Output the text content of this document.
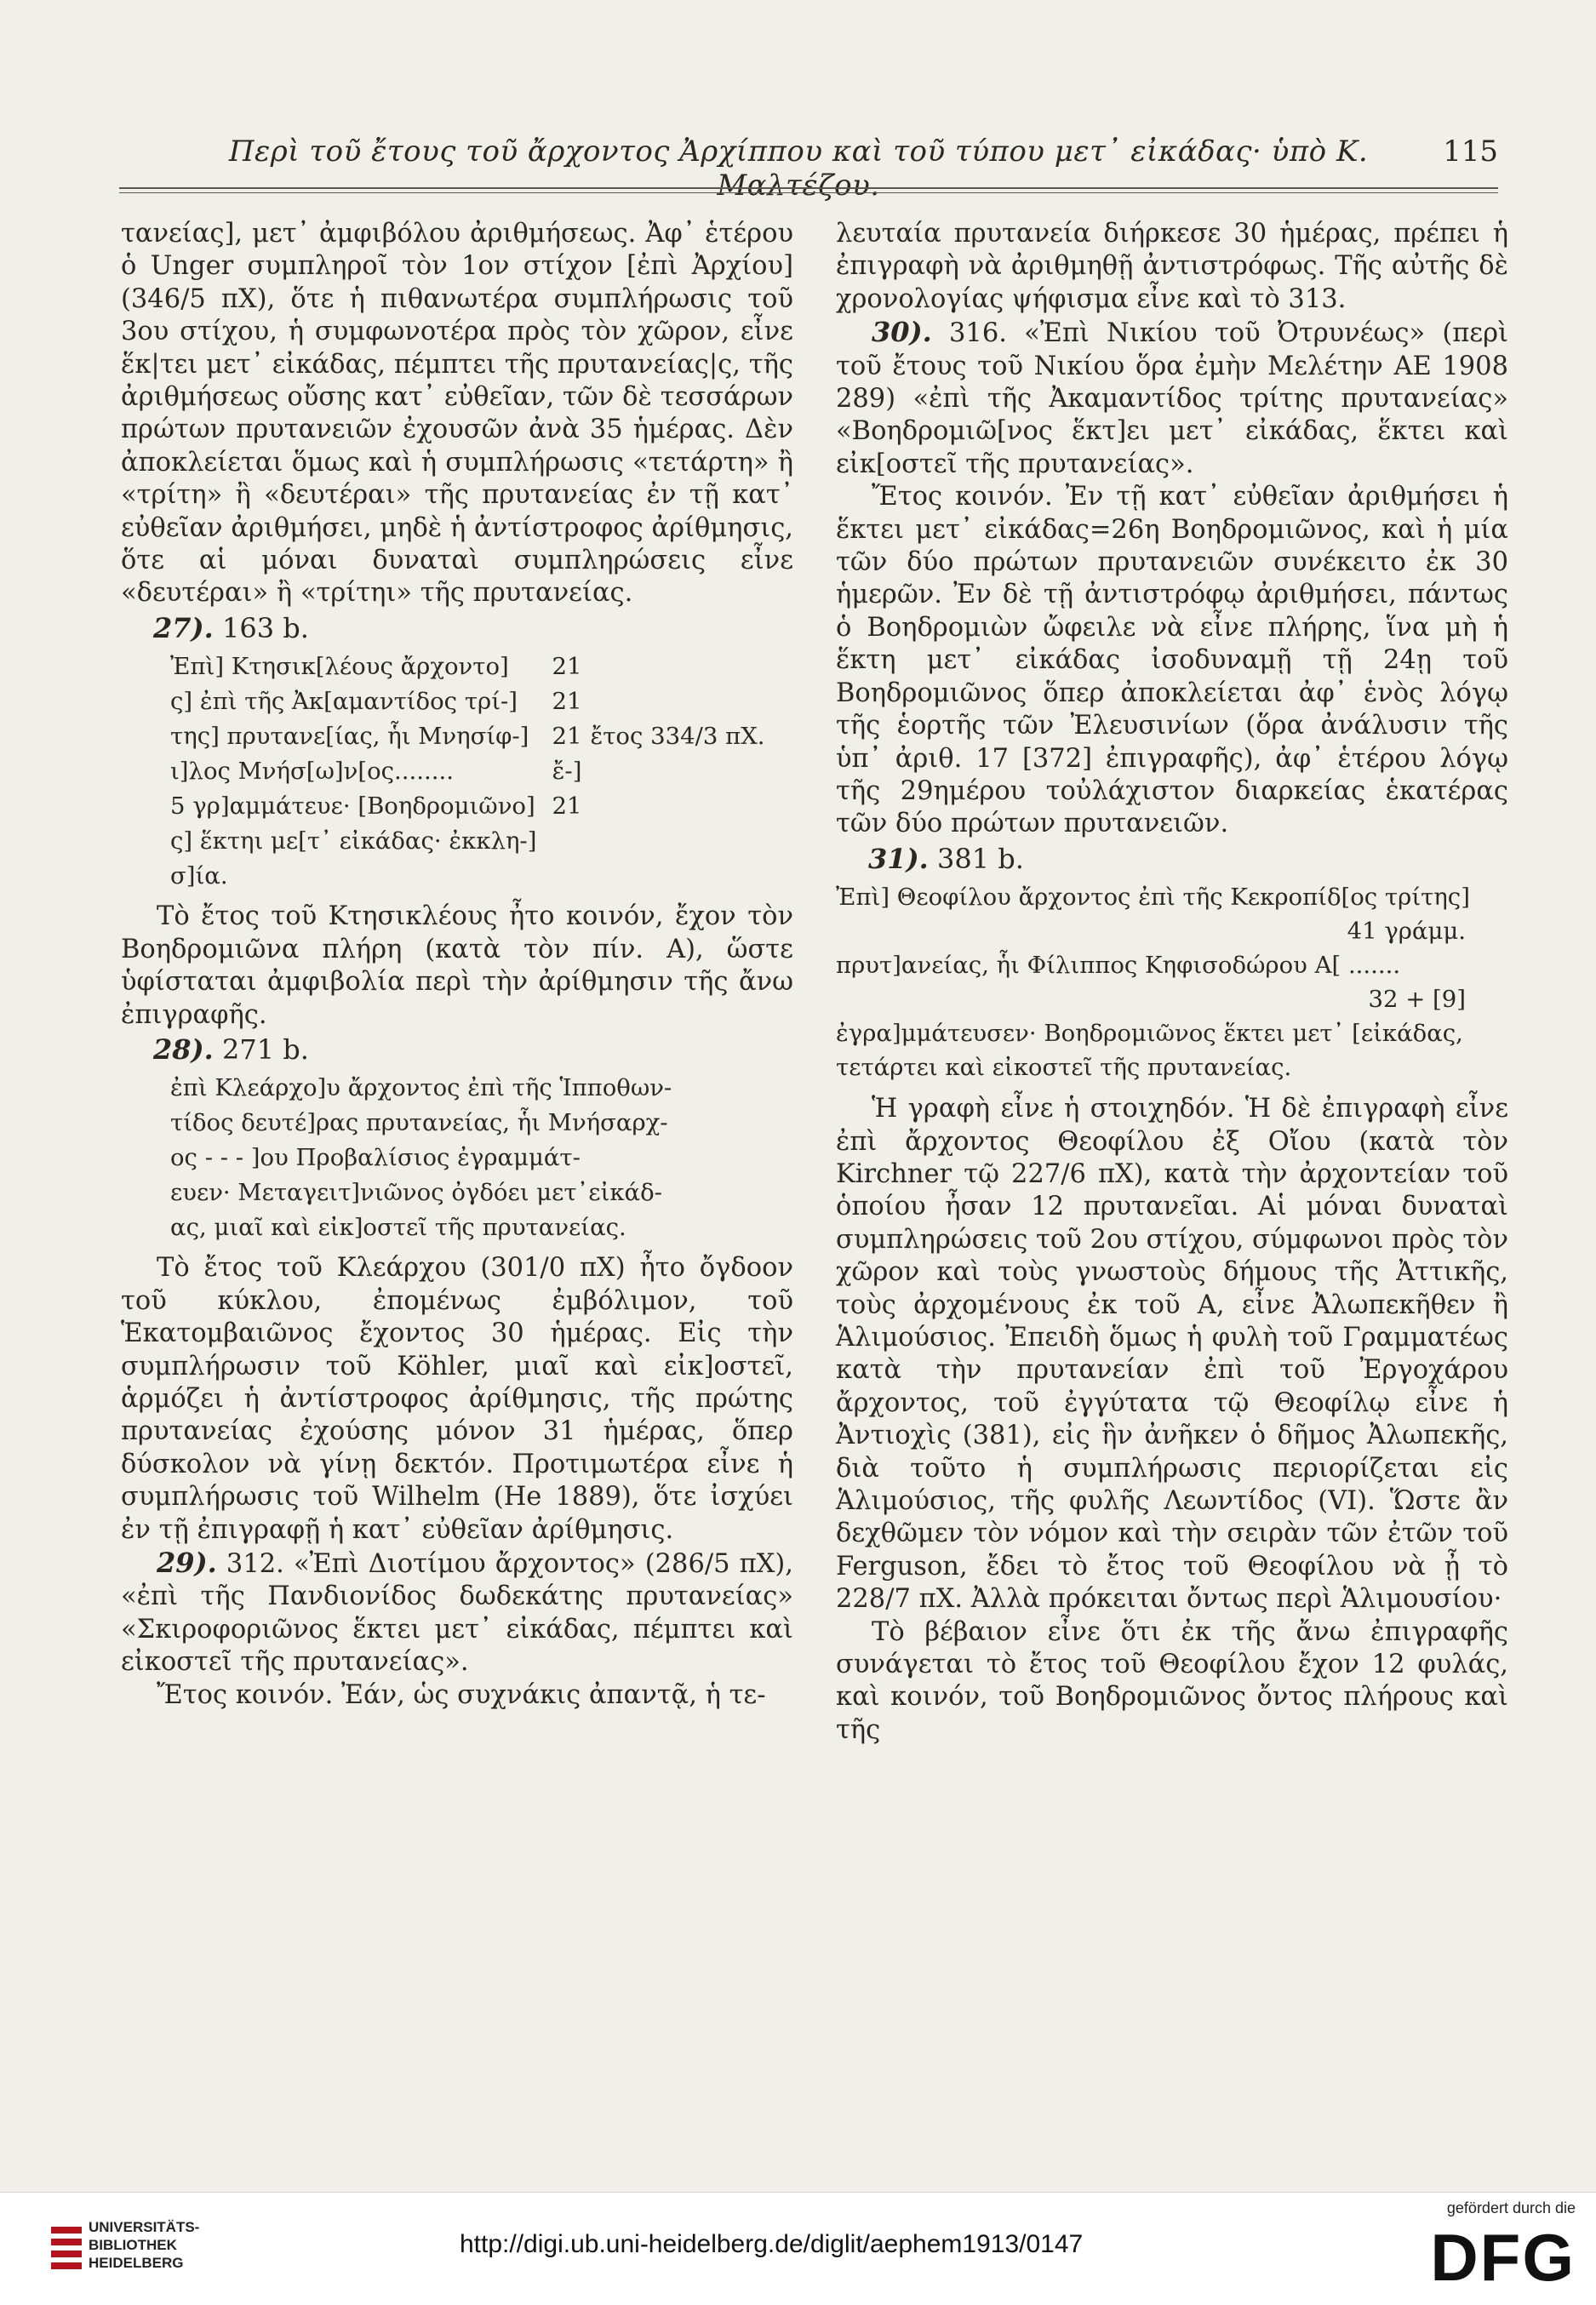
Περὶ τοῦ ἔτους τοῦ ἄρχοντος Ἀρχίππου καὶ τοῦ τύπου μετ᾽ εἰκάδας· ὑπὸ Κ. Μαλτέζου.
115

τανείας], μετ᾽ ἀμφιβόλου ἀριθμήσεως. Ἀφ᾽ ἑτέρου ὁ Unger συμπληροῖ τὸν 1ον στίχον [ἐπὶ Ἀρχίου] (346/5 πΧ), ὅτε ἡ πιθανωτέρα συμπλήρωσις τοῦ 3ου στίχου, ἡ συμφωνοτέρα πρὸς τὸν χῶρον, εἶνε ἕκ|τει μετ᾽ εἰκάδας, πέμπτει τῆς πρυτανείας|ς, τῆς ἀριθμήσεως οὔσης κατ᾽ εὐθεῖαν, τῶν δὲ τεσσάρων πρώτων πρυτανειῶν ἐχουσῶν ἀνὰ 35 ἡμέρας. Δὲν ἀποκλείεται ὅμως καὶ ἡ συμπλήρωσις «τετάρτη» ἢ «τρίτη» ἢ «δευτέραι» τῆς πρυτανείας ἐν τῇ κατ᾽ εὐθεῖαν ἀριθμήσει, μηδὲ ἡ ἀντίστροφος ἀρίθμησις, ὅτε αἱ μόναι δυναταὶ συμπληρώσεις εἶνε «δευτέραι» ἢ «τρίτηι» τῆς πρυτανείας.

27). 163 b.
Ἐπὶ] Κτησικ[λέους ἄρχοντο]	21	
ς] ἐπὶ τῆς Ἀκ[αμαντίδος τρί-]	21	
της] πρυτανε[ίας, ἧι Μνησίφ-]	21	ἔτος 334/3 πΧ.
ι]λος Μνήσ[ω]ν[ος........	ἔ-]	
5 γρ]αμμάτευε· [Βοηδρομιῶνο]	21	
ς] ἕκτηι με[τ᾽ εἰκάδας· ἐκκλη-]		
σ]ία.		

Τὸ ἔτος τοῦ Κτησικλέους ἦτο κοινόν, ἔχον τὸν Βοηδρομιῶνα πλήρη (κατὰ τὸν πίν. Α), ὥστε ὑφίσταται ἀμφιβολία περὶ τὴν ἀρίθμησιν τῆς ἄνω ἐπιγραφῆς.

28). 271 b.
ἐπὶ Κλεάρχο]υ ἄρχοντος ἐπὶ τῆς Ἱπποθων-
τίδος δευτέ]ρας πρυτανείας, ἧι Μνήσαρχ-
ος - - - ]ου Προβαλίσιος ἐγραμμάτ-
ευεν· Μεταγειτ]νιῶνος ὀγδόει μετ᾽εἰκάδ-
ας, μιαῖ καὶ εἰκ]οστεῖ τῆς πρυτανείας.

Τὸ ἔτος τοῦ Κλεάρχου (301/0 πΧ) ἦτο ὄγδοον τοῦ κύκλου, ἐπομένως ἐμβόλιμον, τοῦ Ἑκατομβαιῶνος ἔχοντος 30 ἡμέρας. Εἰς τὴν συμπλήρωσιν τοῦ Köhler, μιαῖ καὶ εἰκ]οστεῖ, ἁρμόζει ἡ ἀντίστροφος ἀρίθμησις, τῆς πρώτης πρυτανείας ἐχούσης μόνον 31 ἡμέρας, ὅπερ δύσκολον νὰ γίνῃ δεκτόν. Προτιμωτέρα εἶνε ἡ συμπλήρωσις τοῦ Wilhelm (He 1889), ὅτε ἰσχύει ἐν τῇ ἐπιγραφῇ ἡ κατ᾽ εὐθεῖαν ἀρίθμησις.

29). 312. «Ἐπὶ Διοτίμου ἄρχοντος» (286/5 πΧ), «ἐπὶ τῆς Πανδιονίδος δωδεκάτης πρυτανείας» «Σκιροφοριῶνος ἕκτει μετ᾽ εἰκάδας, πέμπτει καὶ εἰκοστεῖ τῆς πρυτανείας».

Ἔτος κοινόν. Ἐάν, ὡς συχνάκις ἀπαντᾷ, ἡ τε-

λευταία πρυτανεία διήρκεσε 30 ἡμέρας, πρέπει ἡ ἐπιγραφὴ νὰ ἀριθμηθῇ ἀντιστρόφως. Τῆς αὐτῆς δὲ χρονολογίας ψήφισμα εἶνε καὶ τὸ 313.

30). 316. «Ἐπὶ Νικίου τοῦ Ὀτρυνέως» (περὶ τοῦ ἔτους τοῦ Νικίου ὅρα ἐμὴν Μελέτην ΑΕ 1908 289) «ἐπὶ τῆς Ἀκαμαντίδος τρίτης πρυτανείας» «Βοηδρομιῶ[νος ἕκτ]ει μετ᾽ εἰκάδας, ἕκτει καὶ εἰκ[οστεῖ τῆς πρυτανείας».

Ἔτος κοινόν. Ἐν τῇ κατ᾽ εὐθεῖαν ἀριθμήσει ἡ ἕκτει μετ᾽ εἰκάδας=26η Βοηδρομιῶνος, καὶ ἡ μία τῶν δύο πρώτων πρυτανειῶν συνέκειτο ἐκ 30 ἡμερῶν. Ἐν δὲ τῇ ἀντιστρόφῳ ἀριθμήσει, πάντως ὁ Βοηδρομιὼν ὤφειλε νὰ εἶνε πλήρης, ἵνα μὴ ἡ ἕκτη μετ᾽ εἰκάδας ἰσοδυναμῇ τῇ 24ῃ τοῦ Βοηδρομιῶνος ὅπερ ἀποκλείεται ἀφ᾽ ἑνὸς λόγῳ τῆς ἑορτῆς τῶν Ἐλευσινίων (ὅρα ἀνάλυσιν τῆς ὑπ᾽ ἀριθ. 17 [372] ἐπιγραφῆς), ἀφ᾽ ἑτέρου λόγῳ τῆς 29ημέρου τοὐλάχιστον διαρκείας ἑκατέρας τῶν δύο πρώτων πρυτανειῶν.

31). 381 b.
Ἐπὶ] Θεοφίλου ἄρχοντος ἐπὶ τῆς Κεκροπίδ[ος τρίτης]
41 γράμμ.
πρυτ]ανείας, ἧι Φίλιππος Κηφισοδώρου Α[ .......
32 + [9]
ἐγρα]μμάτευσεν· Βοηδρομιῶνος ἕκτει μετ᾽ [εἰκάδας, τετάρτει καὶ εἰκοστεῖ τῆς πρυτανείας.

Ἡ γραφὴ εἶνε ἡ στοιχηδόν. Ἡ δὲ ἐπιγραφὴ εἶνε ἐπὶ ἄρχοντος Θεοφίλου ἐξ Οἴου (κατὰ τὸν Kirchner τῷ 227/6 πΧ), κατὰ τὴν ἀρχοντείαν τοῦ ὁποίου ἦσαν 12 πρυτανεῖαι. Αἱ μόναι δυναταὶ συμπληρώσεις τοῦ 2ου στίχου, σύμφωνοι πρὸς τὸν χῶρον καὶ τοὺς γνωστοὺς δήμους τῆς Ἀττικῆς, τοὺς ἀρχομένους ἐκ τοῦ Α, εἶνε Ἀλωπεκῆθεν ἢ Ἁλιμούσιος. Ἐπειδὴ ὅμως ἡ φυλὴ τοῦ Γραμματέως κατὰ τὴν πρυτανείαν ἐπὶ τοῦ Ἐργοχάρου ἄρχοντος, τοῦ ἐγγύτατα τῷ Θεοφίλῳ εἶνε ἡ Ἀντιοχὶς (381), εἰς ἣν ἀνῆκεν ὁ δῆμος Ἀλωπεκῆς, διὰ τοῦτο ἡ συμπλήρωσις περιορίζεται εἰς Ἁλιμούσιος, τῆς φυλῆς Λεωντίδος (VI). Ὥστε ἂν δεχθῶμεν τὸν νόμον καὶ τὴν σειρὰν τῶν ἐτῶν τοῦ Ferguson, ἔδει τὸ ἔτος τοῦ Θεοφίλου νὰ ᾖ τὸ 228/7 πΧ. Ἀλλὰ πρόκειται ὄντως περὶ Ἁλιμουσίου·

Τὸ βέβαιον εἶνε ὅτι ἐκ τῆς ἄνω ἐπιγραφῆς συνάγεται τὸ ἔτος τοῦ Θεοφίλου ἔχον 12 φυλάς, καὶ κοινόν, τοῦ Βοηδρομιῶνος ὄντος πλήρους καὶ τῆς

UNIVERSITÄTS-
BIBLIOTHEK
HEIDELBERG
http://digi.ub.uni-heidelberg.de/diglit/aephem1913/0147
gefördert durch die
DFG
